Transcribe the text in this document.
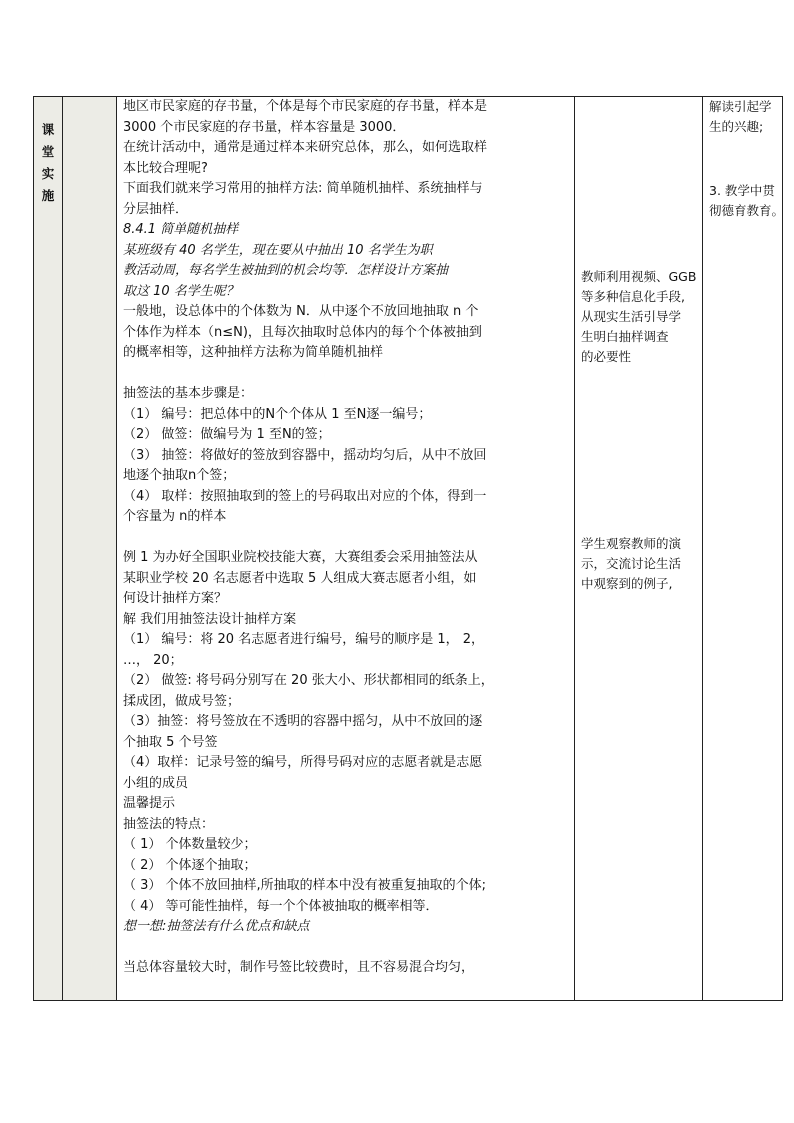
课
堂
实
施
地区市民家庭的存书量，个体是每个市民家庭的存书量，样本是
3000 个市民家庭的存书量，样本容量是 3000．
在统计活动中，通常是通过样本来研究总体，那么，如何选取样
本比较合理呢?
下面我们就来学习常用的抽样方法: 简单随机抽样、系统抽样与
分层抽样．
8.4.1 简单随机抽样
某班级有 40 名学生，现在要从中抽出 10 名学生为职
教活动周，每名学生被抽到的机会均等．怎样设计方案抽
取这 10 名学生呢？
一般地，设总体中的个体数为 N．从中逐个不放回地抽取 n 个
个体作为样本（n≤N)，且每次抽取时总体内的每个个体被抽到
的概率相等，这种抽样方法称为简单随机抽样
抽签法的基本步骤是：
（1） 编号：把总体中的N个个体从 1 至N逐一编号；
（2） 做签：做编号为 1 至N的签；
（3） 抽签：将做好的签放到容器中，摇动均匀后，从中不放回
地逐个抽取n个签；
（4） 取样：按照抽取到的签上的号码取出对应的个体，得到一
个容量为 n的样本
例 1 为办好全国职业院校技能大赛，大赛组委会采用抽签法从
某职业学校 20 名志愿者中选取 5 人组成大赛志愿者小组，如
何设计抽样方案？
解 我们用抽签法设计抽样方案
（1） 编号：将 20 名志愿者进行编号，编号的顺序是 1， 2，
…， 20；
（2） 做签: 将号码分别写在 20 张大小、形状都相同的纸条上，
揉成团，做成号签；
（3）抽签：将号签放在不透明的容器中摇匀，从中不放回的逐
个抽取 5 个号签
（4）取样：记录号签的编号，所得号码对应的志愿者就是志愿
小组的成员
温馨提示
抽签法的特点：
（ 1） 个体数量较少；
（ 2） 个体逐个抽取；
（ 3） 个体不放回抽样,所抽取的样本中没有被重复抽取的个体;
（ 4） 等可能性抽样，每一个个体被抽取的概率相等．
想一想:抽签法有什么优点和缺点
当总体容量较大时，制作号签比较费时，且不容易混合均匀，
教师利用视频、GGB
等多种信息化手段,
从现实生活引导学
生明白抽样调查
的必要性
学生观察教师的演
示，交流讨论生活
中观察到的例子,
解读引起学
生的兴趣;
3. 教学中贯
彻德育教育。
